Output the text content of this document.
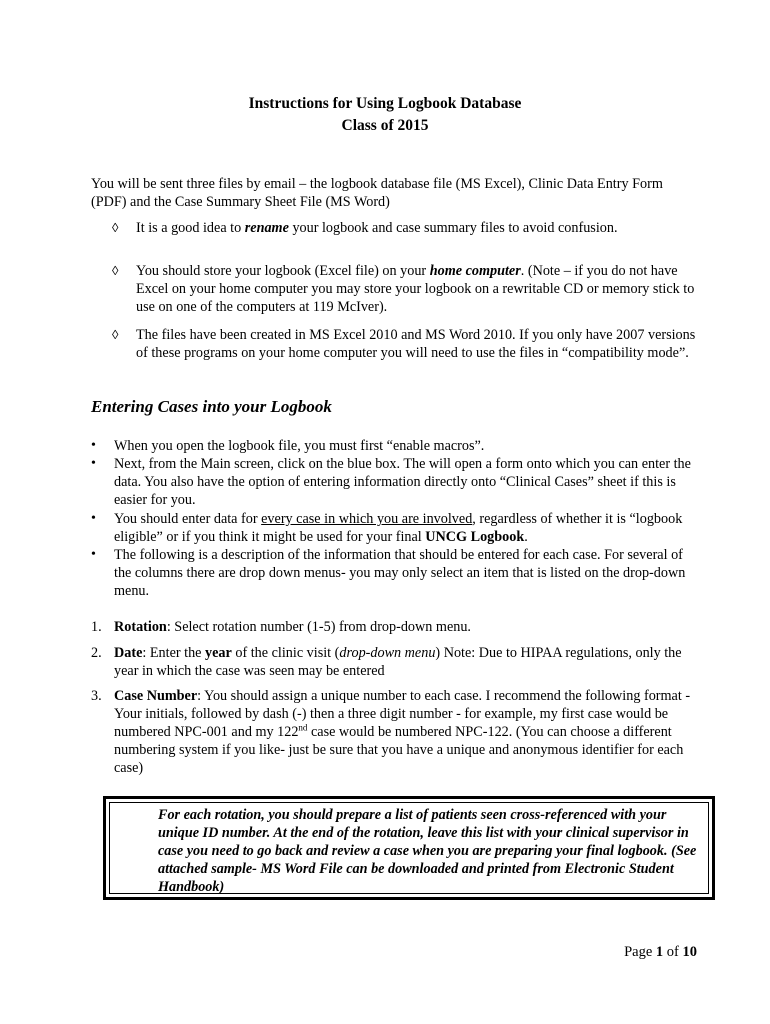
Instructions for Using Logbook Database
Class of 2015
You will be sent three files by email – the logbook database file (MS Excel), Clinic Data Entry Form (PDF) and the Case Summary Sheet File (MS Word)
◊ It is a good idea to rename your logbook and case summary files to avoid confusion.
◊ You should store your logbook (Excel file) on your home computer. (Note – if you do not have Excel on your home computer you may store your logbook on a rewritable CD or memory stick to use on one of the computers at 119 McIver).
◊ The files have been created in MS Excel 2010 and MS Word 2010. If you only have 2007 versions of these programs on your home computer you will need to use the files in “compatibility mode”.
Entering Cases into your Logbook
• When you open the logbook file, you must first “enable macros”.
• Next, from the Main screen, click on the blue box. The will open a form onto which you can enter the data. You also have the option of entering information directly onto “Clinical Cases” sheet if this is easier for you.
• You should enter data for every case in which you are involved, regardless of whether it is “logbook eligible” or if you think it might be used for your final UNCG Logbook.
• The following is a description of the information that should be entered for each case. For several of the columns there are drop down menus- you may only select an item that is listed on the drop-down menu.
1. Rotation: Select rotation number (1-5) from drop-down menu.
2. Date: Enter the year of the clinic visit (drop-down menu) Note: Due to HIPAA regulations, only the year in which the case was seen may be entered
3. Case Number: You should assign a unique number to each case. I recommend the following format - Your initials, followed by dash (-) then a three digit number - for example, my first case would be numbered NPC-001 and my 122nd case would be numbered NPC-122. (You can choose a different numbering system if you like- just be sure that you have a unique and anonymous identifier for each case)
For each rotation, you should prepare a list of patients seen cross-referenced with your unique ID number. At the end of the rotation, leave this list with your clinical supervisor in case you need to go back and review a case when you are preparing your final logbook. (See attached sample- MS Word File can be downloaded and printed from Electronic Student Handbook)
Page 1 of 10
